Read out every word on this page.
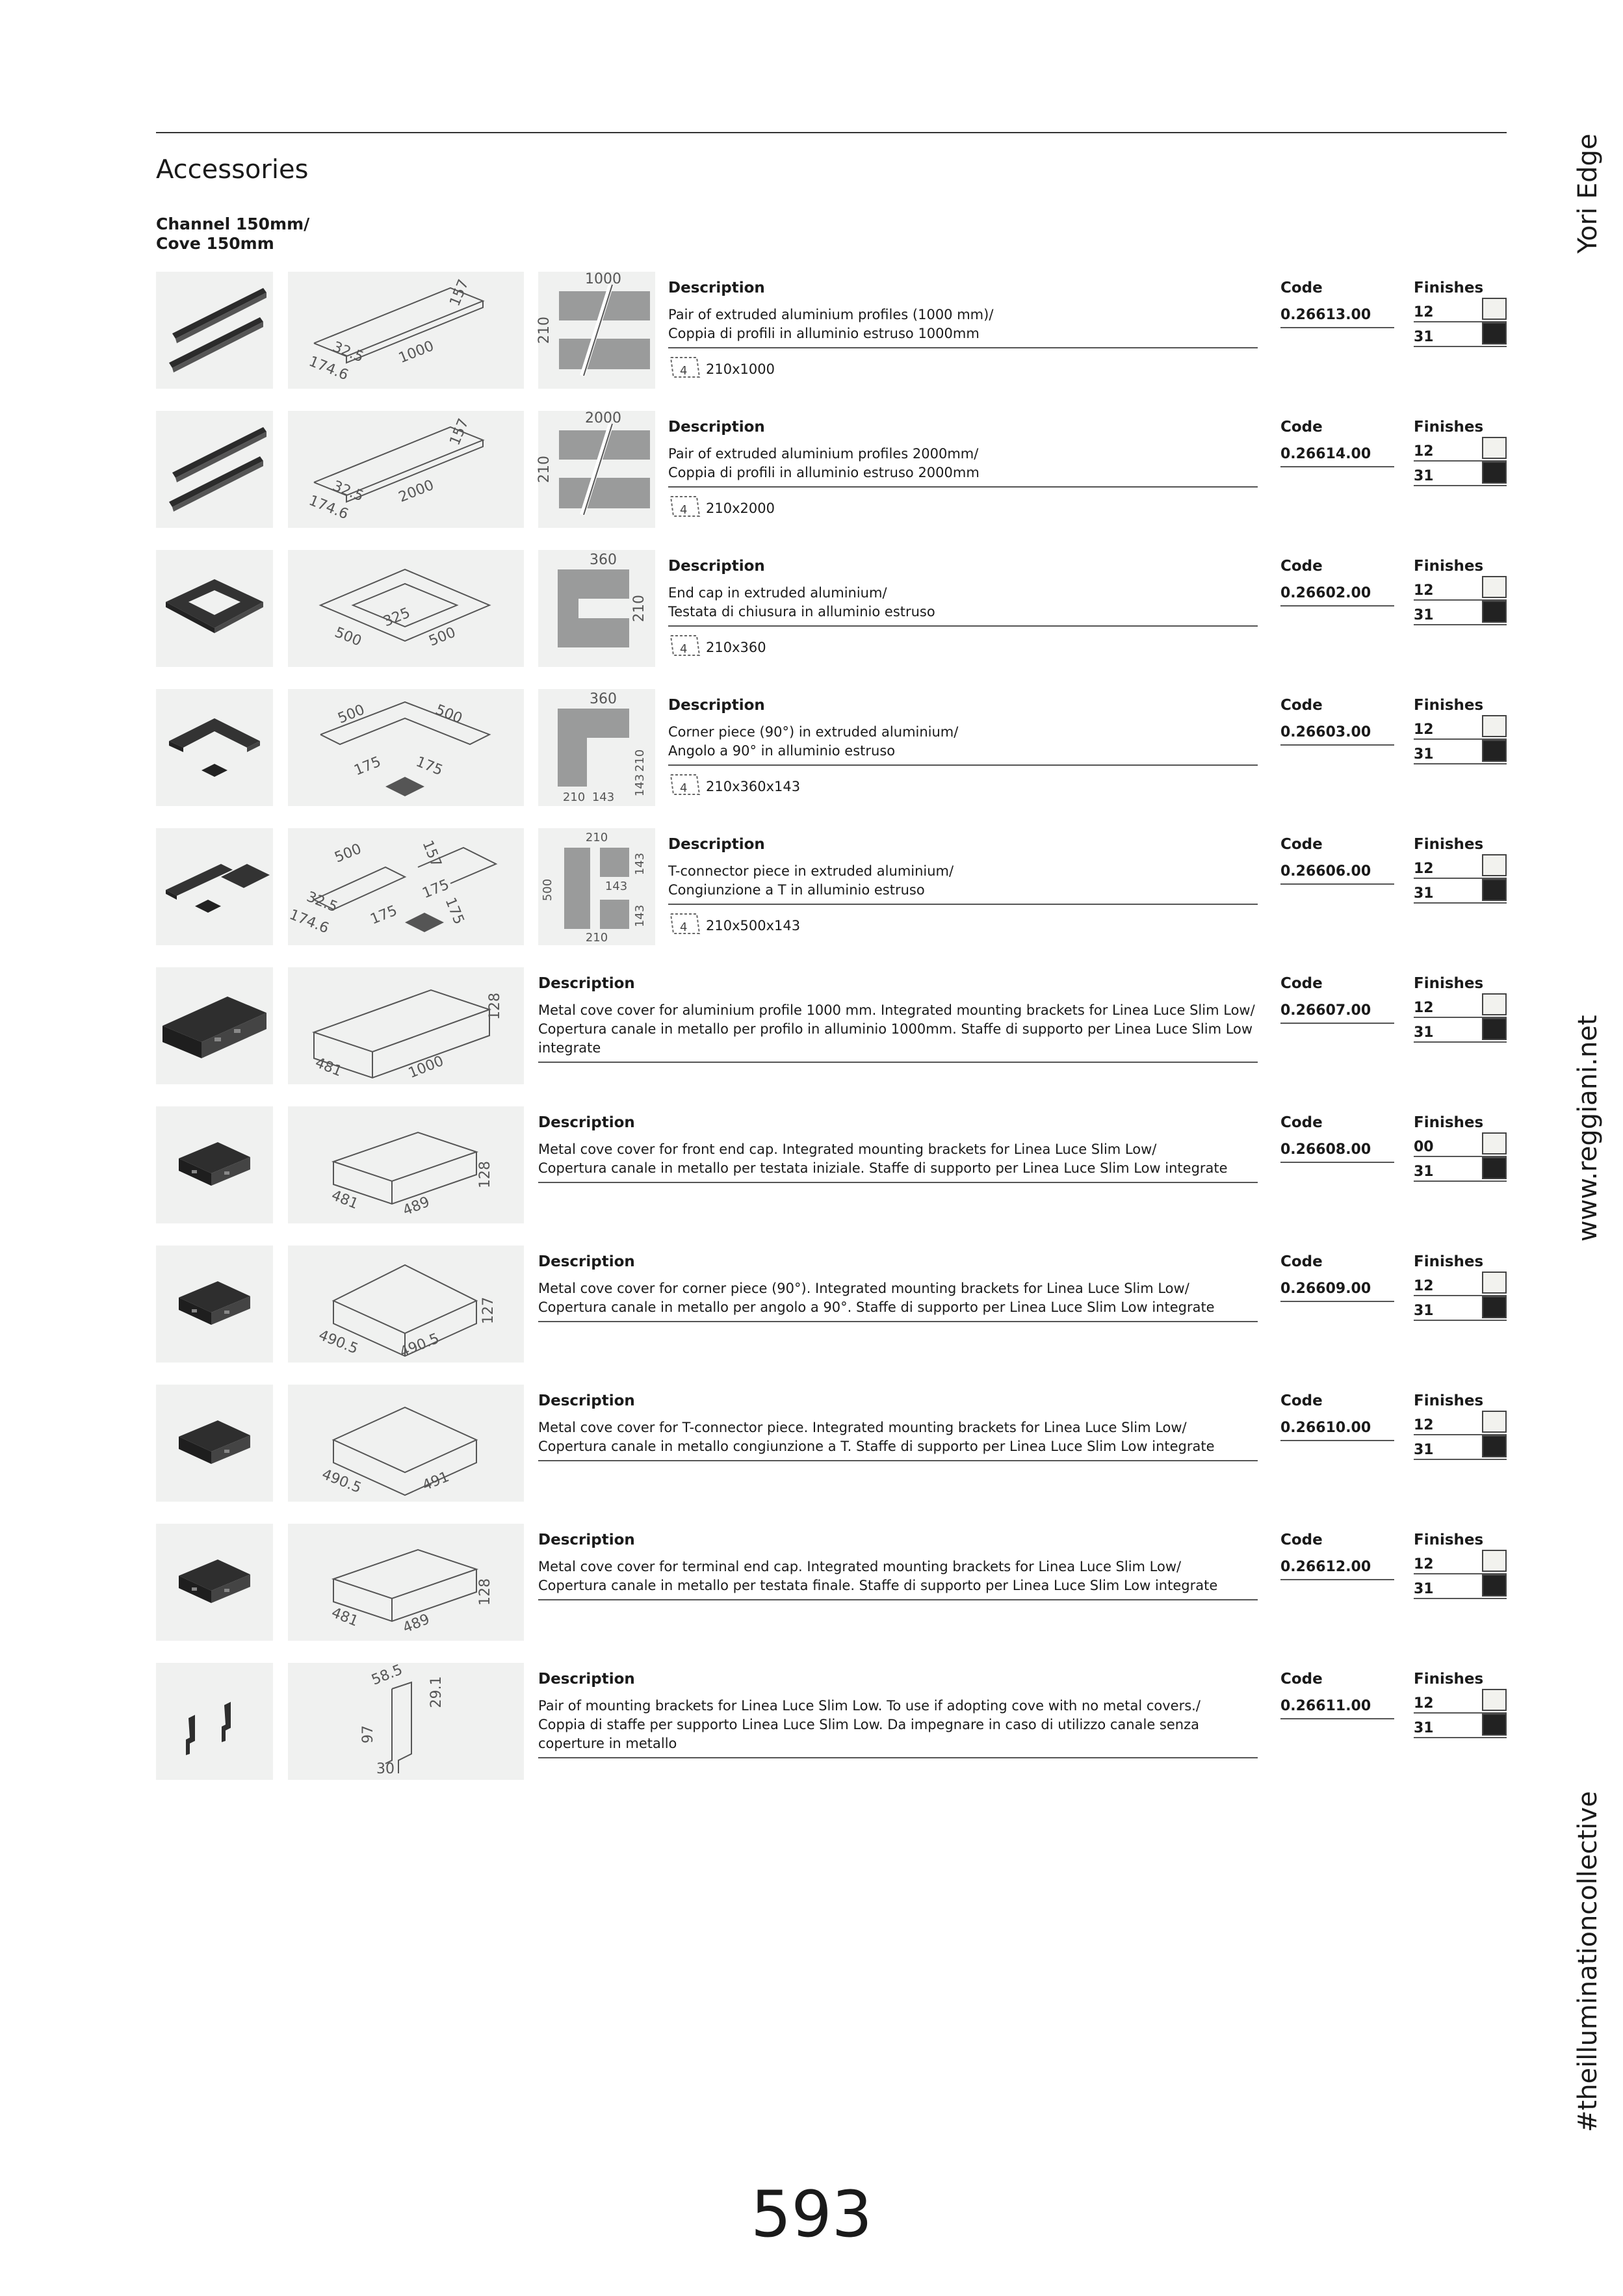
Accessories
Channel 150mm/
Cove 150mm	Yori Edge
www.reggiani.net
#theilluminationcollective
157
32.5 1000
174.6
1000
210
Description
Pair of extruded aluminium profiles (1000 mm)/
Coppia di profili in alluminio estruso 1000mm
4 210x1000
Code
0.26613.00
Finishes
12
31
157
32.5 2000
174.6
2000
210
Description
Pair of extruded aluminium profiles 2000mm/
Coppia di profili in alluminio estruso 2000mm
4 210x2000
Code
0.26614.00
Finishes
12
31
325
500	500
360
210
Description
End cap in extruded aluminium/
Testata di chiusura in alluminio estruso
4 210x360
Code
0.26602.00
Finishes
12
31
500	500
175 175
360
210
143
210 143
Description
Corner piece (90°) in extruded aluminium/
Angolo a 90° in alluminio estruso
4 210x360x143
Code
0.26603.00
Finishes
12
31
500	157
32.5	175
175	175
174.6
210
143
500	143
143
210
Description
T-connector piece in extruded aluminium/
Congiunzione a T in alluminio estruso
4 210x500x143
Code
0.26606.00
Finishes
12
31
128
481	1000
Description
Metal cove cover for aluminium profile 1000 mm. Integrated mounting brackets for Linea Luce Slim Low/
Copertura canale in metallo per profilo in alluminio 1000mm. Staffe di supporto per Linea Luce Slim Low
integrate
Code
0.26607.00
Finishes
12
31
128
481	489
Description
Metal cove cover for front end cap. Integrated mounting brackets for Linea Luce Slim Low/
Copertura canale in metallo per testata iniziale. Staffe di supporto per Linea Luce Slim Low integrate
Code
0.26608.00
Finishes
00
31
127
490.5	490.5
Description
Metal cove cover for corner piece (90°). Integrated mounting brackets for Linea Luce Slim Low/
Copertura canale in metallo per angolo a 90°. Staffe di supporto per Linea Luce Slim Low integrate
Code
0.26609.00
Finishes
12
31
490.5	491
Description
Metal cove cover for T-connector piece. Integrated mounting brackets for Linea Luce Slim Low/
Copertura canale in metallo congiunzione a T. Staffe di supporto per Linea Luce Slim Low integrate
Code
0.26610.00
Finishes
12
31
128
481	489
Description
Metal cove cover for terminal end cap. Integrated mounting brackets for Linea Luce Slim Low/
Copertura canale in metallo per testata finale. Staffe di supporto per Linea Luce Slim Low integrate
Code
0.26612.00
Finishes
12
31
58.5
29.1
97
30
Description
Pair of mounting brackets for Linea Luce Slim Low. To use if adopting cove with no metal covers./
Coppia di staffe per supporto Linea Luce Slim Low. Da impegnare in caso di utilizzo canale senza
coperture in metallo
Code
0.26611.00
Finishes
12
31
593
